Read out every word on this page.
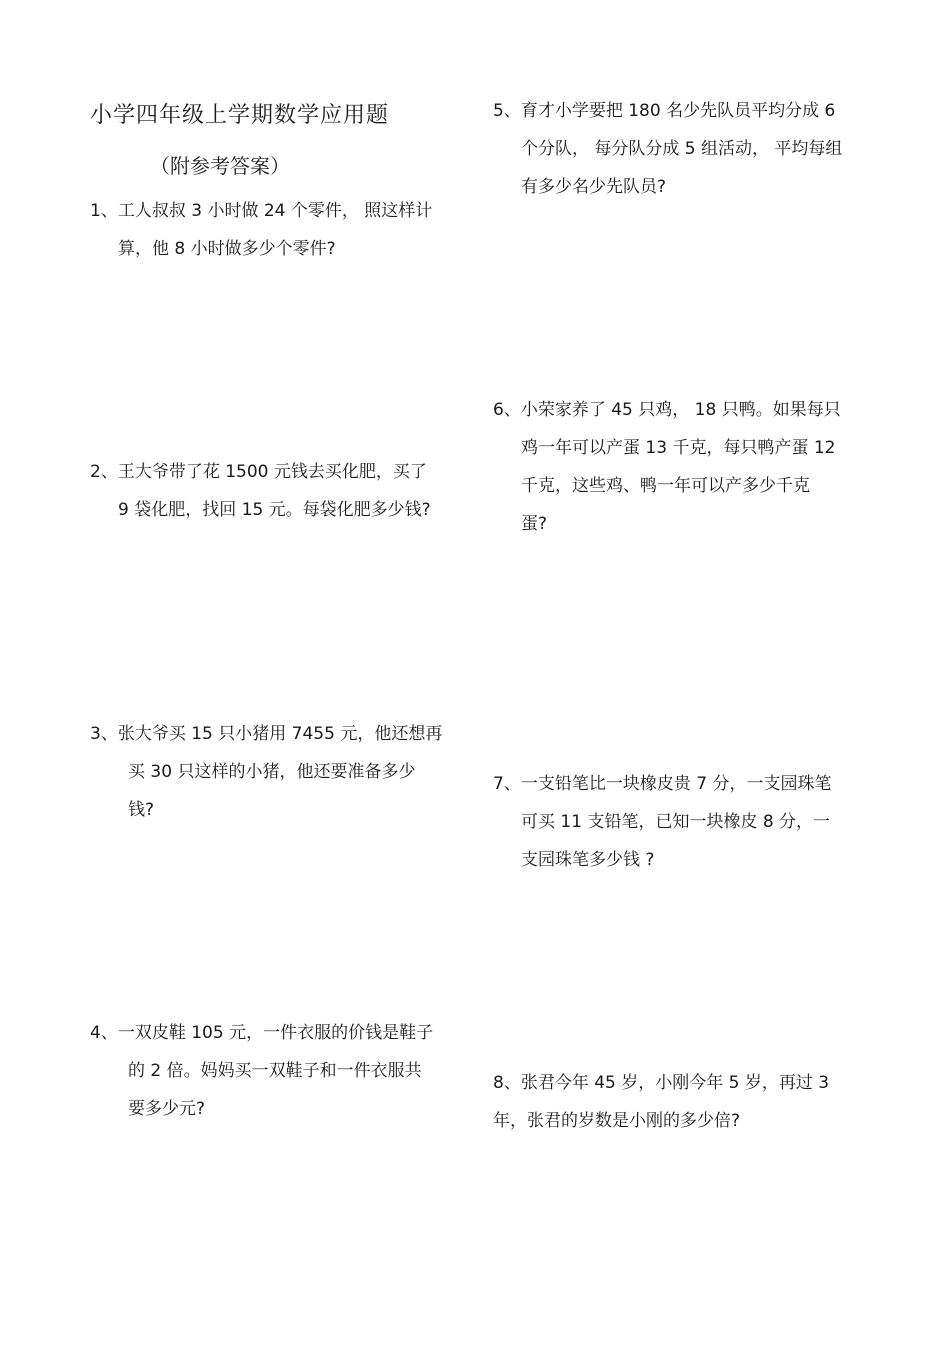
小学四年级上学期数学应用题
（附参考答案）
1、工人叔叔 3 小时做 24 个零件， 照这样计
算，他 8 小时做多少个零件?
2、王大爷带了花 1500 元钱去买化肥，买了
9 袋化肥，找回 15 元。每袋化肥多少钱?
3、张大爷买 15 只小猪用 7455 元，他还想再
买 30 只这样的小猪，他还要准备多少
钱?
4、一双皮鞋 105 元，一件衣服的价钱是鞋子
的 2 倍。妈妈买一双鞋子和一件衣服共
要多少元?
5、育才小学要把 180 名少先队员平均分成 6
个分队， 每分队分成 5 组活动， 平均每组
有多少名少先队员?
6、小荣家养了 45 只鸡， 18 只鸭。如果每只
鸡一年可以产蛋 13 千克，每只鸭产蛋 12
千克，这些鸡、鸭一年可以产多少千克
蛋?
7、一支铅笔比一块橡皮贵 7 分，一支园珠笔
可买 11 支铅笔，已知一块橡皮 8 分，一
支园珠笔多少钱 ?
8、张君今年 45 岁，小刚今年 5 岁，再过 3
年，张君的岁数是小刚的多少倍?
